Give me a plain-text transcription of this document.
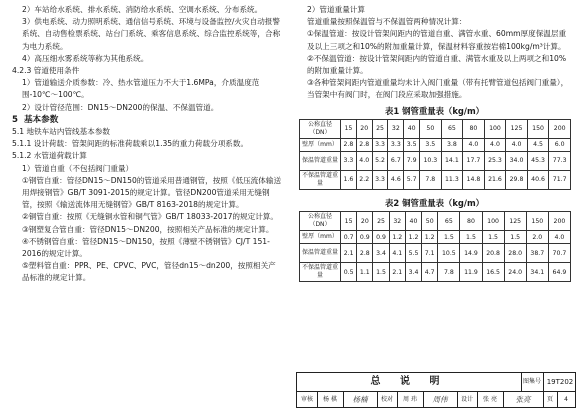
2）车站给水系统、排水系统、消防给水系统、空调水系统、分布系统。

3）供电系统、动力照明系统、通信信号系统、环境与设备监控/火灾自动报警系统、自动售检票系统、站台门系统、乘客信息系统、综合监控系统等，合称为电力系统。

4）高压细水雾系统等称为其他系统。

4.2.3 管道使用条件

1）管道输送介质参数：冷、热水管道压力不大于1.6MPa，介质温度范围-10℃～100℃。

2）设计管径范围：DN15～DN200的保温、不保温管道。

5  基本参数

5.1 地铁车站内管线基本参数

5.1.1 设计荷载：管架间距的标准荷载乘以1.35的重力荷载分项系数。

5.1.2 水管道荷载计算

1）管道自重（不包括阀门重量）

①钢管自重：管径DN15～DN150的管道采用普通钢管，按照《低压流体输送用焊接钢管》GB/T 3091-2015的规定计算。管径DN200管道采用无缝钢管，按照《输送流体用无缝钢管》GB/T 8163-2018的规定计算。

②铜管自重：按照《无缝铜水管和铜气管》GB/T 18033-2017的规定计算。

③钢塑复合管自重：管径DN15～DN200，按照相关产品标准的规定计算。

④不锈钢管自重：管径DN15～DN150，按照《薄壁不锈钢管》CJ/T 151-2016的规定计算。

⑤塑料管自重：PPR、PE、CPVC、PVC，管径dn15～dn200，按照相关产品标准的规定计算。

2）管道重量计算

管道重量按照保温管与不保温管两种情况计算：

①保温管道：按设计管架间距内的管道自重、满管水重、60mm厚度保温层重及以上三项之和10%的附加重量计算，保温材料容重按岩棉100kg/m³计算。

②不保温管道：按设计管架间距内的管道自重、满管水重及以上两项之和10%的附加重量计算。

③各种管架间距内管道重量均未计入阀门重量（带有托臂管道包括阀门重量），当管架中有阀门时，在阀门段应采取加强措施。

表1 钢管重量表（kg/m）
公称直径（DN）	15	20	25	32	40	50	65	80	100	125	150	200
壁厚（mm）	2.8	2.8	3.3	3.3	3.5	3.5	3.8	4.0	4.0	4.0	4.5	6.0
保温管道重量	3.3	4.0	5.2	6.7	7.9	10.3	14.1	17.7	25.3	34.0	45.3	77.3
不保温管道重量	1.6	2.2	3.3	4.6	5.7	7.8	11.3	14.8	21.6	29.8	40.6	71.7
表2 铜管重量表（kg/m）
公称直径（DN）	15	20	25	32	40	50	65	80	100	125	150	200
壁厚（mm）	0.7	0.9	0.9	1.2	1.2	1.2	1.5	1.5	1.5	1.5	2.0	4.0
保温管道重量	2.1	2.8	3.4	4.1	5.5	7.1	10.5	14.9	20.8	28.0	38.7	70.7
不保温管道重量	0.5	1.1	1.5	2.1	3.4	4.7	7.8	11.9	16.5	24.0	34.1	64.9
总 说 明	图集号 19T202
审核	杨 棋	杨楠	校对	周 玮	周伟	设计	张 亮	张亮	页	4
